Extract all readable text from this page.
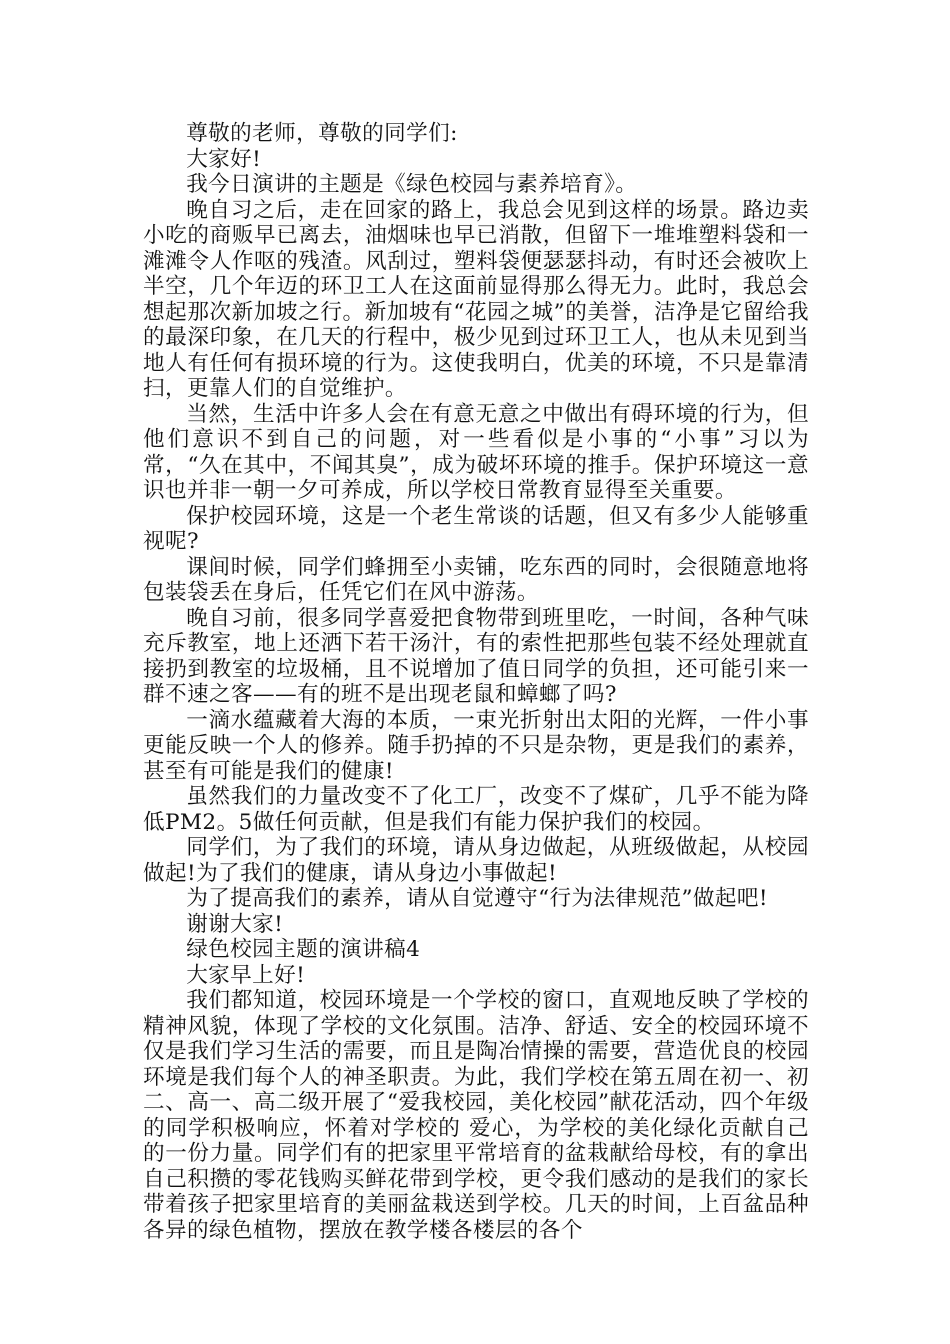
尊敬的老师，尊敬的同学们:

大家好!

我今日演讲的主题是《绿色校园与素养培育》。

晚自习之后，走在回家的路上，我总会见到这样的场景。路边卖小吃的商贩早已离去，油烟味也早已消散，但留下一堆堆塑料袋和一滩滩令人作呕的残渣。风刮过，塑料袋便瑟瑟抖动，有时还会被吹上半空，几个年迈的环卫工人在这面前显得那么得无力。此时，我总会想起那次新加坡之行。新加坡有“花园之城”的美誉，洁净是它留给我的最深印象，在几天的行程中，极少见到过环卫工人，也从未见到当地人有任何有损环境的行为。这使我明白，优美的环境，不只是靠清扫，更靠人们的自觉维护。

当然，生活中许多人会在有意无意之中做出有碍环境的行为，但他们意识不到自己的问题，对一些看似是小事的“小事”习以为常，“久在其中，不闻其臭”，成为破坏环境的推手。保护环境这一意识也并非一朝一夕可养成，所以学校日常教育显得至关重要。

保护校园环境，这是一个老生常谈的话题，但又有多少人能够重视呢?

课间时候，同学们蜂拥至小卖铺，吃东西的同时，会很随意地将包装袋丢在身后，任凭它们在风中游荡。

晚自习前，很多同学喜爱把食物带到班里吃，一时间，各种气味充斥教室，地上还洒下若干汤汁，有的索性把那些包装不经处理就直接扔到教室的垃圾桶，且不说增加了值日同学的负担，还可能引来一群不速之客——有的班不是出现老鼠和蟑螂了吗?

一滴水蕴藏着大海的本质，一束光折射出太阳的光辉，一件小事更能反映一个人的修养。随手扔掉的不只是杂物，更是我们的素养，甚至有可能是我们的健康!

虽然我们的力量改变不了化工厂，改变不了煤矿，几乎不能为降低PM2。5做任何贡献，但是我们有能力保护我们的校园。

同学们，为了我们的环境，请从身边做起，从班级做起，从校园做起!为了我们的健康，请从身边小事做起!

为了提高我们的素养，请从自觉遵守“行为法律规范”做起吧!

谢谢大家!

绿色校园主题的演讲稿4

大家早上好!

我们都知道，校园环境是一个学校的窗口，直观地反映了学校的精神风貌，体现了学校的文化氛围。洁净、舒适、安全的校园环境不仅是我们学习生活的需要，而且是陶冶情操的需要，营造优良的校园环境是我们每个人的神圣职责。为此，我们学校在第五周在初一、初二、高一、高二级开展了“爱我校园，美化校园”献花活动，四个年级的同学积极响应，怀着对学校的 爱心，为学校的美化绿化贡献自己的一份力量。同学们有的把家里平常培育的盆栽献给母校，有的拿出自己积攒的零花钱购买鲜花带到学校，更令我们感动的是我们的家长带着孩子把家里培育的美丽盆栽送到学校。几天的时间，上百盆品种各异的绿色植物，摆放在教学楼各楼层的各个
